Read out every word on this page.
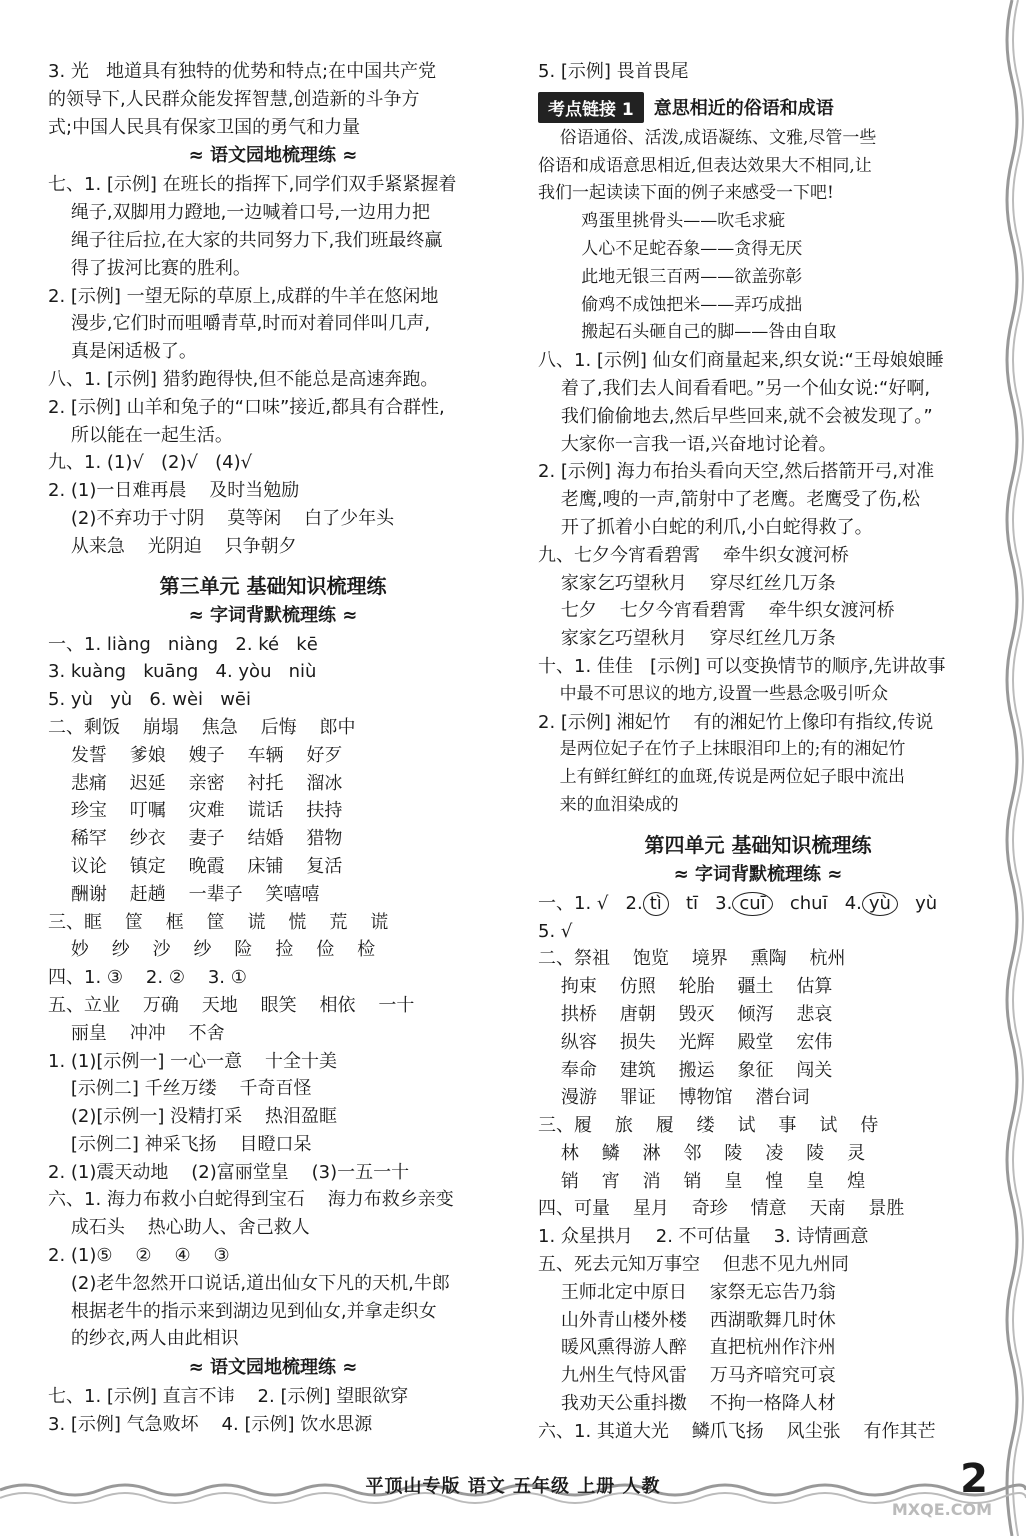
3. 光   地道具有独特的优势和特点;在中国共产党
的领导下,人民群众能发挥智慧,创造新的斗争方
式;中国人民具有保家卫国的勇气和力量
≈ 语文园地梳理练 ≈
七、1. [示例] 在班长的指挥下,同学们双手紧紧握着
绳子,双脚用力蹬地,一边喊着口号,一边用力把
绳子往后拉,在大家的共同努力下,我们班最终赢
得了拔河比赛的胜利。
2. [示例] 一望无际的草原上,成群的牛羊在悠闲地
漫步,它们时而咀嚼青草,时而对着同伴叫几声,
真是闲适极了。
八、1. [示例] 猎豹跑得快,但不能总是高速奔跑。
2. [示例] 山羊和兔子的“口味”接近,都具有合群性,
所以能在一起生活。
九、1. (1)√   (2)√   (4)√
2. (1)一日难再晨    及时当勉励
(2)不弃功于寸阴    莫等闲    白了少年头
从来急    光阴迫    只争朝夕
第三单元 基础知识梳理练
≈ 字词背默梳理练 ≈
一、1. liàng   niàng   2. ké   kē
3. kuàng   kuāng   4. yòu   niù
5. yù   yù   6. wèi   wēi
二、剩饭    崩塌    焦急    后悔    郎中
发誓    爹娘    嫂子    车辆    好歹
悲痛    迟延    亲密    衬托    溜冰
珍宝    叮嘱    灾难    谎话    扶持
稀罕    纱衣    妻子    结婚    猎物
议论    镇定    晚霞    床铺    复活
酬谢    赶趟    一辈子    笑嘻嘻
三、眶    筐    框    筐    谎    慌    荒    谎
妙    纱    沙    纱    险    捡    俭    检
四、1. ③    2. ②    3. ①
五、立业    万确    天地    眼笑    相依    一十
丽皇    冲冲    不舍
1. (1)[示例一] 一心一意    十全十美
[示例二] 千丝万缕    千奇百怪
(2)[示例一] 没精打采    热泪盈眶
[示例二] 神采飞扬    目瞪口呆
2. (1)震天动地    (2)富丽堂皇    (3)一五一十
六、1. 海力布救小白蛇得到宝石    海力布救乡亲变
成石头    热心助人、舍己救人
2. (1)⑤    ②    ④    ③
(2)老牛忽然开口说话,道出仙女下凡的天机,牛郎
根据老牛的指示来到湖边见到仙女,并拿走织女
的纱衣,两人由此相识
≈ 语文园地梳理练 ≈
七、1. [示例] 直言不讳    2. [示例] 望眼欲穿
3. [示例] 气急败坏    4. [示例] 饮水思源
5. [示例] 畏首畏尾
考点链接 1	意思相近的俗语和成语
俗语通俗、活泼,成语凝练、文雅,尽管一些
俗语和成语意思相近,但表达效果大不相同,让
我们一起读读下面的例子来感受一下吧!
鸡蛋里挑骨头——吹毛求疵
人心不足蛇吞象——贪得无厌
此地无银三百两——欲盖弥彰
偷鸡不成蚀把米——弄巧成拙
搬起石头砸自己的脚——咎由自取
八、1. [示例] 仙女们商量起来,织女说:“王母娘娘睡
着了,我们去人间看看吧。”另一个仙女说:“好啊,
我们偷偷地去,然后早些回来,就不会被发现了。”
大家你一言我一语,兴奋地讨论着。
2. [示例] 海力布抬头看向天空,然后搭箭开弓,对准
老鹰,嗖的一声,箭射中了老鹰。老鹰受了伤,松
开了抓着小白蛇的利爪,小白蛇得救了。
九、七夕今宵看碧霄    牵牛织女渡河桥
家家乞巧望秋月    穿尽红丝几万条
七夕    七夕今宵看碧霄    牵牛织女渡河桥
家家乞巧望秋月    穿尽红丝几万条
十、1. 佳佳   [示例] 可以变换情节的顺序,先讲故事
中最不可思议的地方,设置一些悬念吸引听众
2. [示例] 湘妃竹    有的湘妃竹上像印有指纹,传说
是两位妃子在竹子上抹眼泪印上的;有的湘妃竹
上有鲜红鲜红的血斑,传说是两位妃子眼中流出
来的血泪染成的
第四单元 基础知识梳理练
≈ 字词背默梳理练 ≈
一、1. √   2. tì   tī   3. cuī   chuī   4. yù   yù
5. √
二、祭祖    饱览    境界    熏陶    杭州
拘束    仿照    轮胎    疆土    估算
拱桥    唐朝    毁灭    倾泻    悲哀
纵容    损失    光辉    殿堂    宏伟
奉命    建筑    搬运    象征    闯关
漫游    罪证    博物馆    潜台词
三、履    旅    履    缕    试    事    试    侍
林    鳞    淋    邻    陵    凌    陵    灵
销    宵    消    销    皇    惶    皇    煌
四、可量    星月    奇珍    情意    天南    景胜
1. 众星拱月    2. 不可估量    3. 诗情画意
五、死去元知万事空    但悲不见九州同
王师北定中原日    家祭无忘告乃翁
山外青山楼外楼    西湖歌舞几时休
暖风熏得游人醉    直把杭州作汴州
九州生气恃风雷    万马齐喑究可哀
我劝天公重抖擞    不拘一格降人材
六、1. 其道大光    鳞爪飞扬    风尘张    有作其芒
平顶山专版 语文 五年级 上册 人教	2
MXQE.COM
